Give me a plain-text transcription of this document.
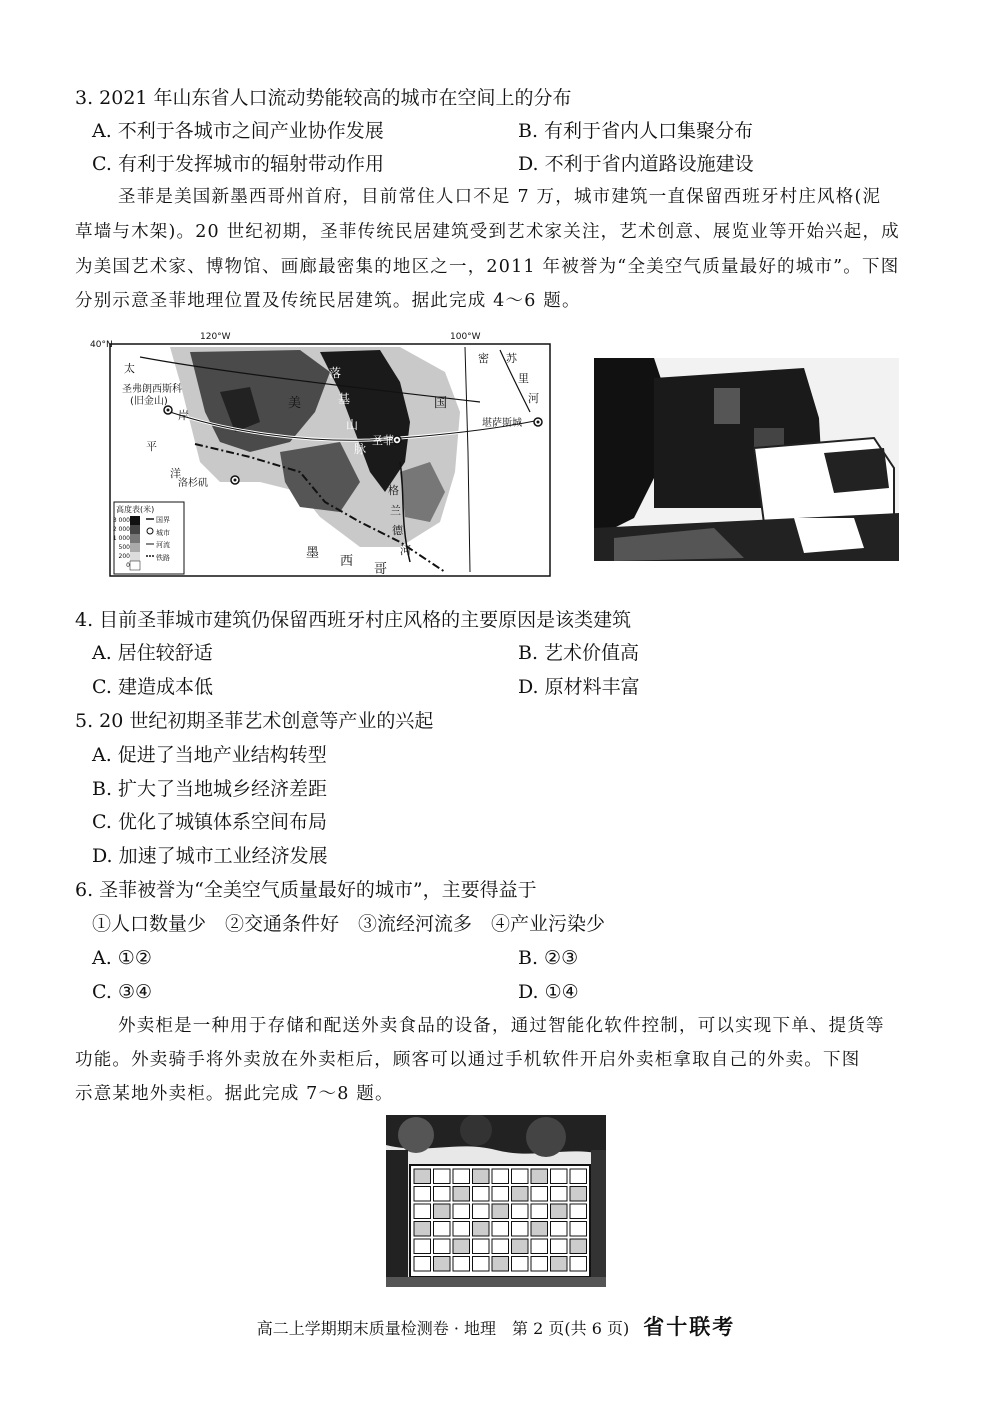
3. 2021 年山东省人口流动势能较高的城市在空间上的分布
A. 不利于各城市之间产业协作发展	B. 有利于省内人口集聚分布
C. 有利于发挥城市的辐射带动作用	D. 不利于省内道路设施建设
圣菲是美国新墨西哥州首府，目前常住人口不足 7 万，城市建筑一直保留西班牙村庄风格(泥
草墙与木架)。20 世纪初期，圣菲传统民居建筑受到艺术家关注，艺术创意、展览业等开始兴起，成
为美国艺术家、博物馆、画廊最密集的地区之一，2011 年被誉为“全美空气质量最好的城市”。下图
分别示意圣菲地理位置及传统民居建筑。据此完成 4～6 题。
40°N
120°W	100°W
太
平
洋
岸
落
基
山
脉
美	国
墨
西
哥
圣弗朗西斯科
(旧金山)
洛杉矶
圣菲
堪萨斯城
密 苏
里
河
格
兰
德
河
高度表(米)
3 000
2 000
1 000
500
200
0
国界
城市
河流
铁路
4. 目前圣菲城市建筑仍保留西班牙村庄风格的主要原因是该类建筑
A. 居住较舒适	B. 艺术价值高
C. 建造成本低	D. 原材料丰富
5. 20 世纪初期圣菲艺术创意等产业的兴起
A. 促进了当地产业结构转型
B. 扩大了当地城乡经济差距
C. 优化了城镇体系空间布局
D. 加速了城市工业经济发展
6. 圣菲被誉为“全美空气质量最好的城市”，主要得益于
①人口数量少　②交通条件好　③流经河流多　④产业污染少
A. ①②	B. ②③
C. ③④	D. ①④
外卖柜是一种用于存储和配送外卖食品的设备，通过智能化软件控制，可以实现下单、提货等
功能。外卖骑手将外卖放在外卖柜后，顾客可以通过手机软件开启外卖柜拿取自己的外卖。下图
示意某地外卖柜。据此完成 7～8 题。
高二上学期期末质量检测卷 · 地理　第 2 页(共 6 页) 省十联考
